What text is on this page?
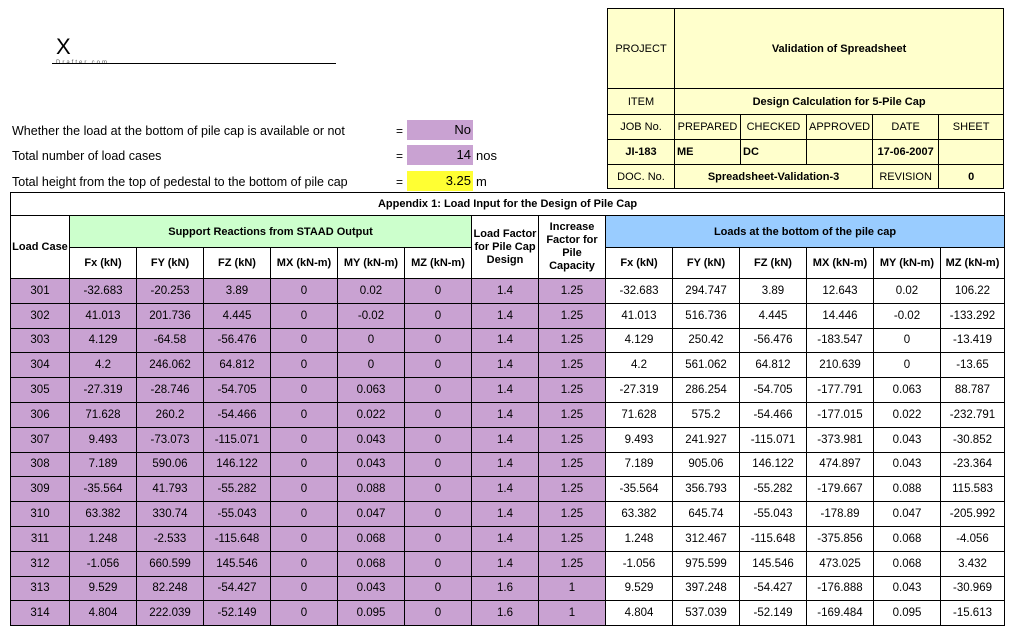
X
Drafter.com
Whether the load at the bottom of pile cap is available or not	=	No
Total number of load cases	=	14 nos
Total height from the top of pedestal to the bottom of pile cap	=	3.25 m
PROJECT	Validation of Spreadsheet				
ITEM	Design Calculation for 5-Pile Cap				
JOB No.	PREPARED	CHECKED	APPROVED	DATE	SHEET
JI-183	ME	DC		17-06-2007	
DOC. No.	Spreadsheet-Validation-3			REVISION	0
Appendix 1: Load Input for the Design of Pile Cap														
Load Case	Support Reactions from STAAD Output						Load Factor for Pile Cap Design	Increase Factor for Pile Capacity	Loads at the bottom of the pile cap					
	Fx (kN)	FY (kN)	FZ (kN)	MX (kN-m)	MY (kN-m)	MZ (kN-m)			Fx (kN)	FY (kN)	FZ (kN)	MX (kN-m)	MY (kN-m)	MZ (kN-m)
301	-32.683	-20.253	3.89	0	0.02	0	1.4	1.25	-32.683	294.747	3.89	12.643	0.02	106.22
302	41.013	201.736	4.445	0	-0.02	0	1.4	1.25	41.013	516.736	4.445	14.446	-0.02	-133.292
303	4.129	-64.58	-56.476	0	0	0	1.4	1.25	4.129	250.42	-56.476	-183.547	0	-13.419
304	4.2	246.062	64.812	0	0	0	1.4	1.25	4.2	561.062	64.812	210.639	0	-13.65
305	-27.319	-28.746	-54.705	0	0.063	0	1.4	1.25	-27.319	286.254	-54.705	-177.791	0.063	88.787
306	71.628	260.2	-54.466	0	0.022	0	1.4	1.25	71.628	575.2	-54.466	-177.015	0.022	-232.791
307	9.493	-73.073	-115.071	0	0.043	0	1.4	1.25	9.493	241.927	-115.071	-373.981	0.043	-30.852
308	7.189	590.06	146.122	0	0.043	0	1.4	1.25	7.189	905.06	146.122	474.897	0.043	-23.364
309	-35.564	41.793	-55.282	0	0.088	0	1.4	1.25	-35.564	356.793	-55.282	-179.667	0.088	115.583
310	63.382	330.74	-55.043	0	0.047	0	1.4	1.25	63.382	645.74	-55.043	-178.89	0.047	-205.992
311	1.248	-2.533	-115.648	0	0.068	0	1.4	1.25	1.248	312.467	-115.648	-375.856	0.068	-4.056
312	-1.056	660.599	145.546	0	0.068	0	1.4	1.25	-1.056	975.599	145.546	473.025	0.068	3.432
313	9.529	82.248	-54.427	0	0.043	0	1.6	1	9.529	397.248	-54.427	-176.888	0.043	-30.969
314	4.804	222.039	-52.149	0	0.095	0	1.6	1	4.804	537.039	-52.149	-169.484	0.095	-15.613
